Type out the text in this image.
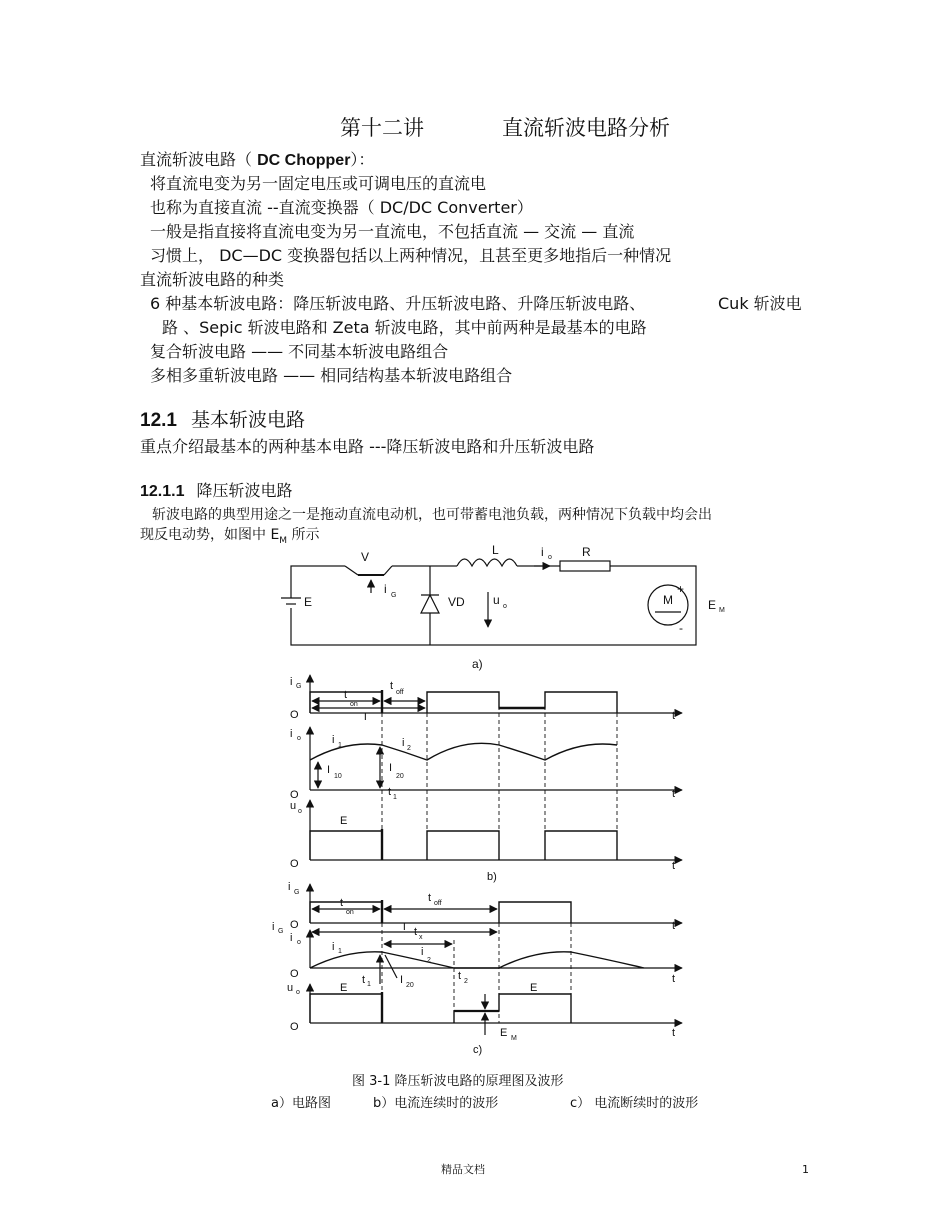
第十二讲	直流斩波电路分析
直流斩波电路（ DC Chopper）：
将直流电变为另一固定电压或可调电压的直流电
也称为直接直流 --直流变换器（ DC/DC Converter）
一般是指直接将直流电变为另一直流电，不包括直流 — 交流 — 直流
习惯上， DC—DC 变换器包括以上两种情况，且甚至更多地指后一种情况
直流斩波电路的种类
6 种基本斩波电路：降压斩波电路、升压斩波电路、升降压斩波电路、	Cuk 斩波电
路 、Sepic 斩波电路和 Zeta 斩波电路，其中前两种是最基本的电路
复合斩波电路 —— 不同基本斩波电路组合
多相多重斩波电路 —— 相同结构基本斩波电路组合
12.1 基本斩波电路
重点介绍最基本的两种基本电路 ---降压斩波电路和升压斩波电路
12.1.1 降压斩波电路
斩波电路的典型用途之一是拖动直流电动机，也可带蓄电池负载，两种情况下负载中均会出
现反电动势，如图中 $E_M$ 所示
V	L	i o	R
i G
E	VD u o	M
+
-
E M
a)
i G
t
on
t
off
T
O	t
i o	i 1	i 2
I
10
I
20
O	t 1	t
u o
E
O	t
b)
i G
t
on
t off
i G
O	T t x
t
i o	i 1	i
2
O	t 1	I 20
t 2	t
u o	E	E
O	t
E M
c)
图 3-1 降压斩波电路的原理图及波形
a）电路图	b）电流连续时的波形	c） 电流断续时的波形
精品文档	1
